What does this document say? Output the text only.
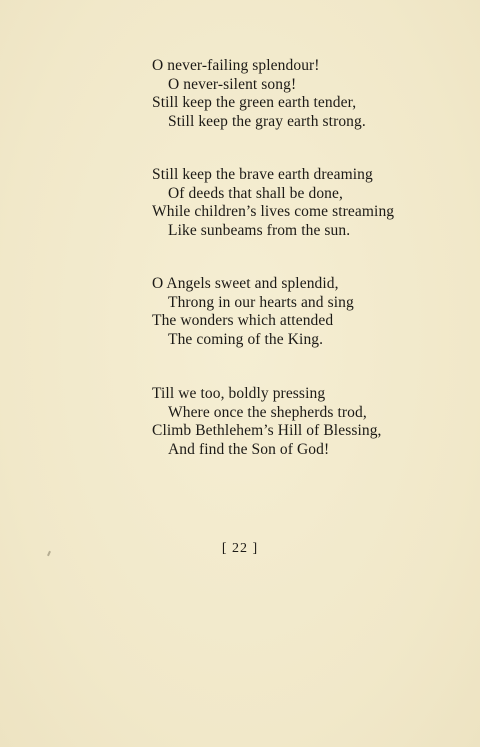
O never-failing splendour!
O never-silent song!
Still keep the green earth tender,
Still keep the gray earth strong.
Still keep the brave earth dreaming
Of deeds that shall be done,
While children’s lives come streaming
Like sunbeams from the sun.
O Angels sweet and splendid,
Throng in our hearts and sing
The wonders which attended
The coming of the King.
Till we too, boldly pressing
Where once the shepherds trod,
Climb Bethlehem’s Hill of Blessing,
And find the Son of God!
[ 22 ]
